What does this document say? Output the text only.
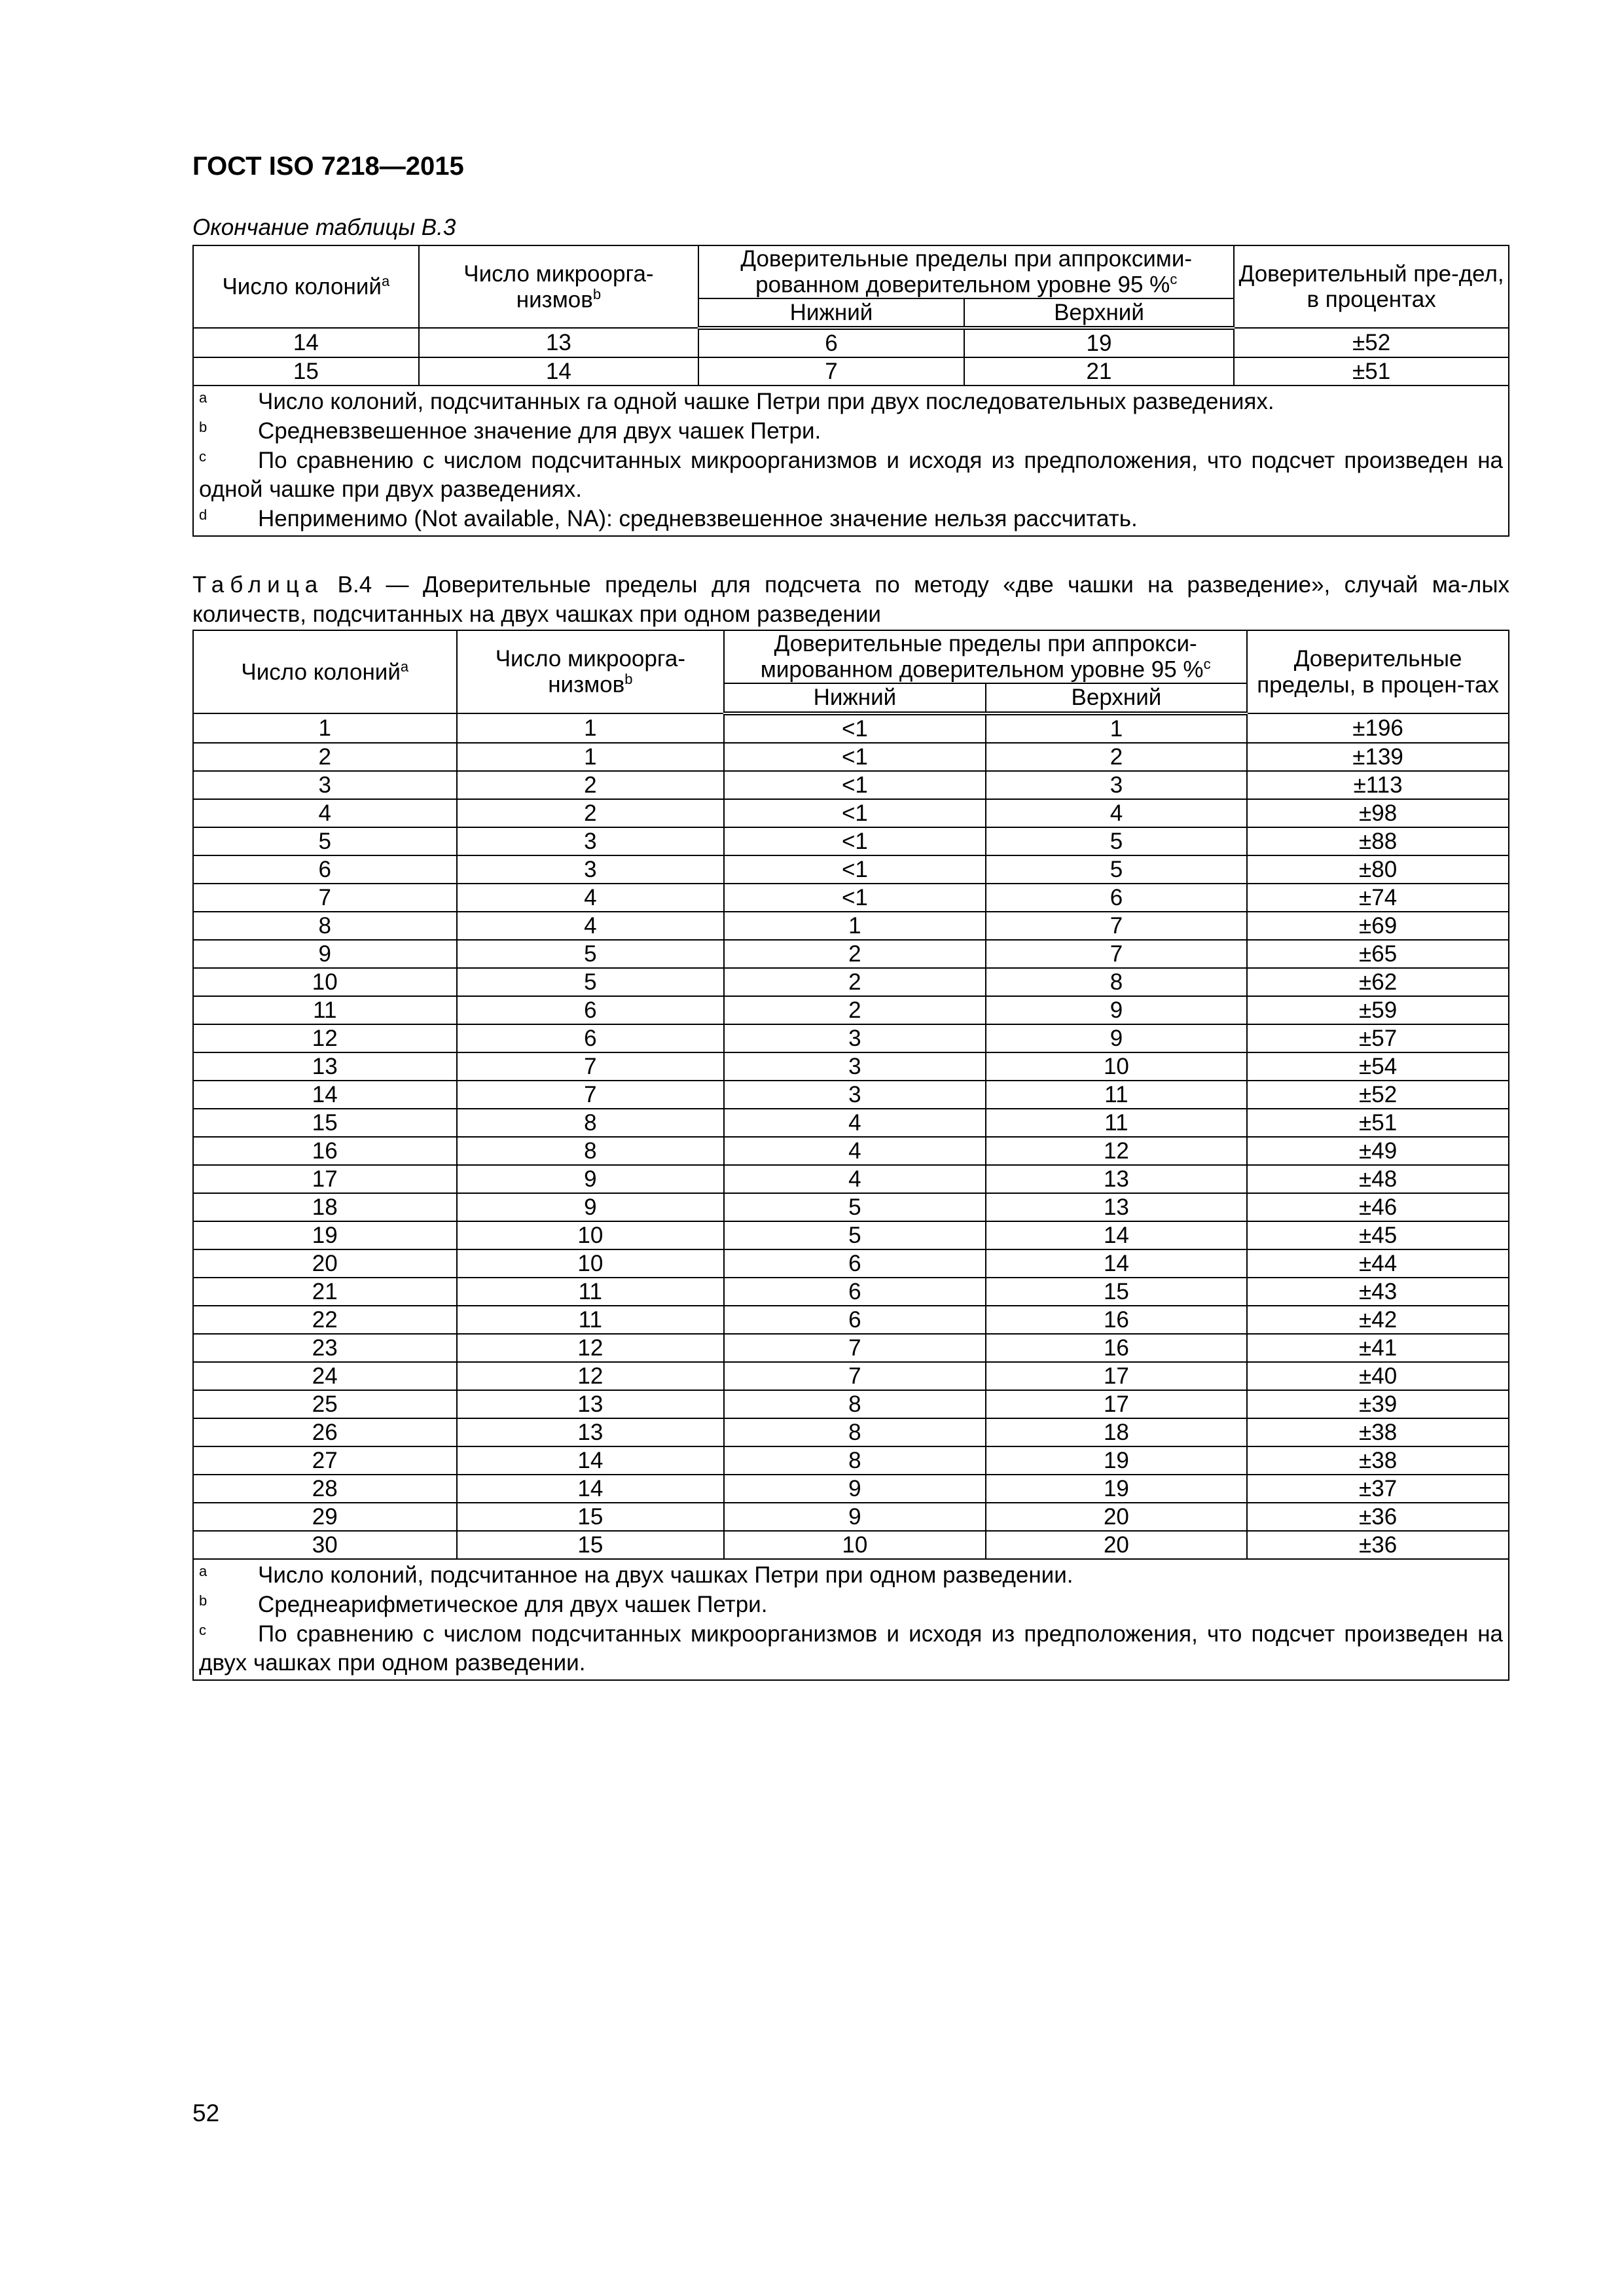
ГОСТ ISO 7218—2015
Окончание таблицы В.3
Число колоний$^a$	Число микроорга-низмов$^b$	Доверительные пределы при аппроксими-рованном доверительном уровне 95 %$^c$		Доверительный пре-дел, в процентах
		Нижний	Верхний	
14	13	6	19	±52
15	14	7	21	±51

a Число колоний, подсчитанных га одной чашке Петри при двух последовательных разведениях.
b Средневзвешенное значение для двух чашек Петри.
c По сравнению с числом подсчитанных микроорганизмов и исходя из предположения, что подсчет произведен на одной чашке при двух разведениях.
d Неприменимо (Not available, NA): средневзвешенное значение нельзя рассчитать.				
Таблица В.4 — Доверительные пределы для подсчета по методу «две чашки на разведение», случай ма-лых количеств, подсчитанных на двух чашках при одном разведении
Число колоний$^a$	Число микроорга-низмов$^b$	Доверительные пределы при аппрокси-мированном доверительном уровне 95 %$^c$		Доверительные пределы, в процен-тах
		Нижний	Верхний	
1	1	<1	1	±196
2	1	<1	2	±139
3	2	<1	3	±113
4	2	<1	4	±98
5	3	<1	5	±88
6	3	<1	5	±80
7	4	<1	6	±74
8	4	1	7	±69
9	5	2	7	±65
10	5	2	8	±62
11	6	2	9	±59
12	6	3	9	±57
13	7	3	10	±54
14	7	3	11	±52
15	8	4	11	±51
16	8	4	12	±49
17	9	4	13	±48
18	9	5	13	±46
19	10	5	14	±45
20	10	6	14	±44
21	11	6	15	±43
22	11	6	16	±42
23	12	7	16	±41
24	12	7	17	±40
25	13	8	17	±39
26	13	8	18	±38
27	14	8	19	±38
28	14	9	19	±37
29	15	9	20	±36
30	15	10	20	±36

a Число колоний, подсчитанное на двух чашках Петри при одном разведении.
b Среднеарифметическое для двух чашек Петри.
c По сравнению с числом подсчитанных микроорганизмов и исходя из предположения, что подсчет произведен на двух чашках при одном разведении.				
52
